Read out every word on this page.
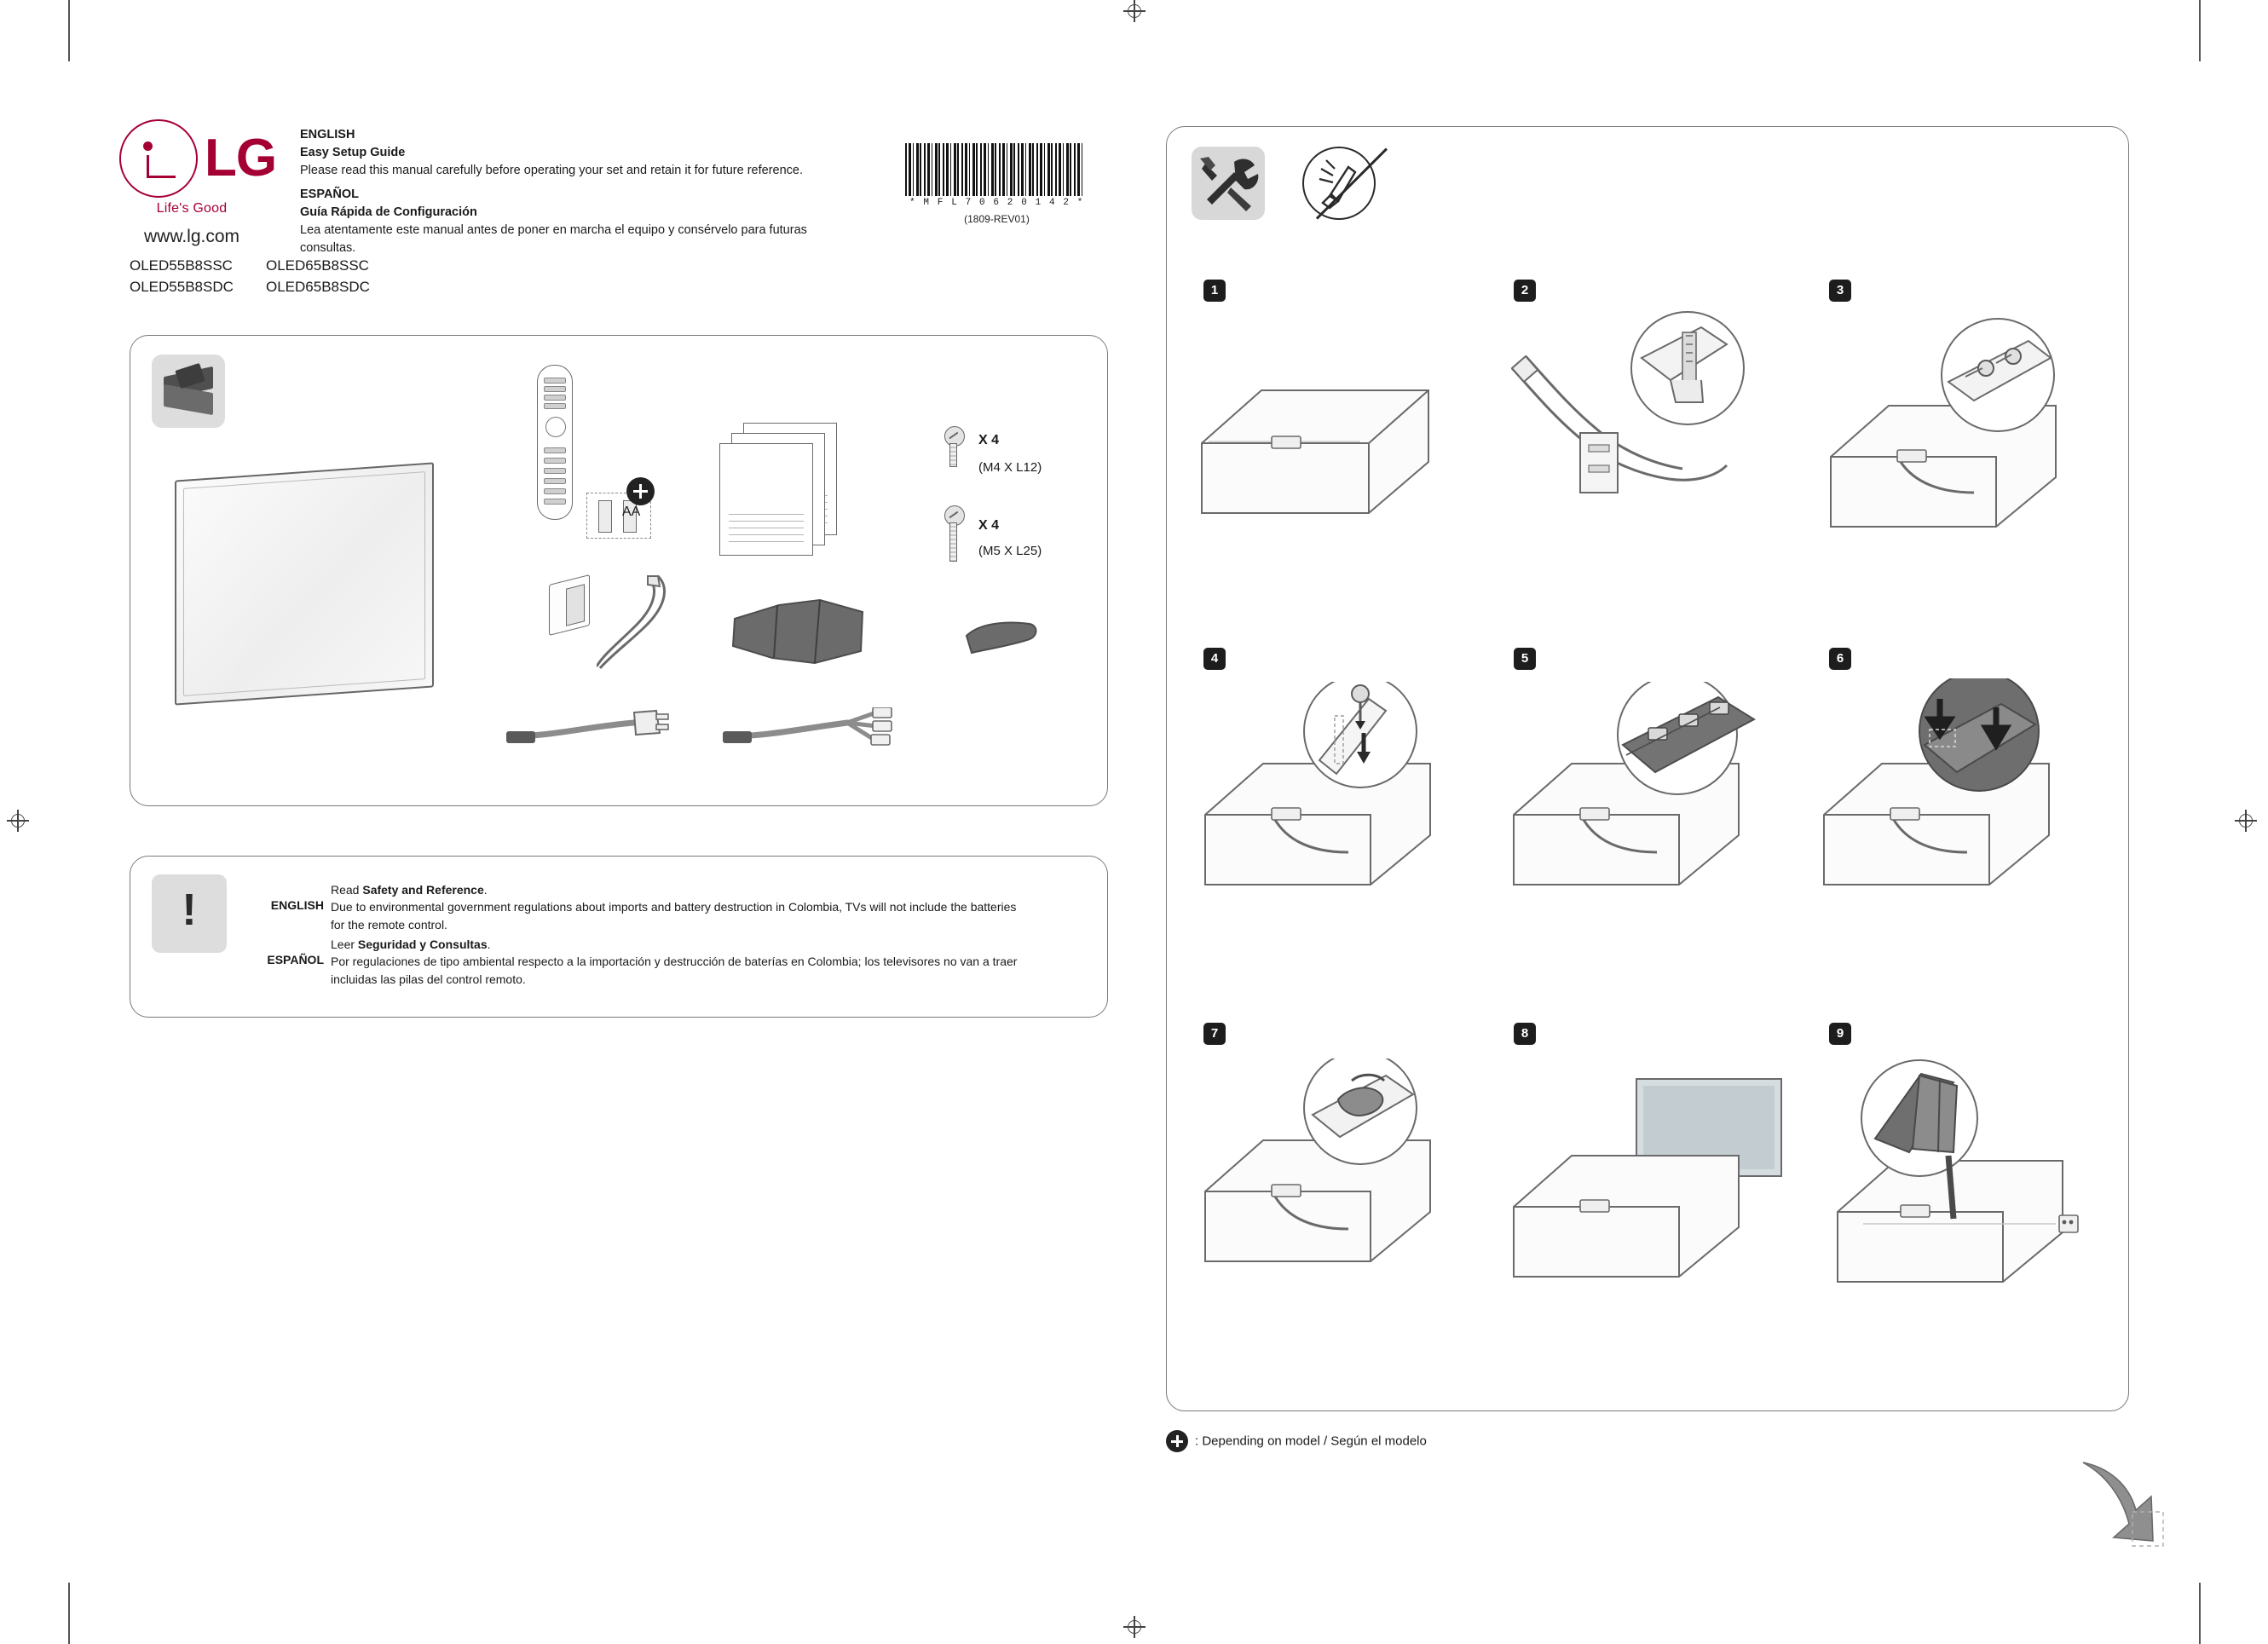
LG
Life's Good
www.lg.com
ENGLISH
Easy Setup Guide
Please read this manual carefully before operating your set and retain it for future reference.
ESPAÑOL
Guía Rápida de Configuración
Lea atentamente este manual antes de poner en marcha el equipo y consérvelo para futuras consultas.
* M F L 7 0 6 2 0 1 4 2 *
(1809-REV01)
OLED55B8SSC OLED65B8SSC
OLED55B8SDC OLED65B8SDC
AA
X 4
(M4 X L12)
X 4
(M5 X L25)
!	ENGLISH
ESPAÑOL
Read Safety and Reference.
Due to environmental government regulations about imports and battery destruction in Colombia, TVs will not include the batteries for the remote control.
Leer Seguridad y Consultas.
Por regulaciones de tipo ambiental respecto a la importación y destrucción de baterías en Colombia; los televisores no van a traer incluidas las pilas del control remoto.
1	2	3
4	5	6
7	8	9
: Depending on model / Según el modelo
